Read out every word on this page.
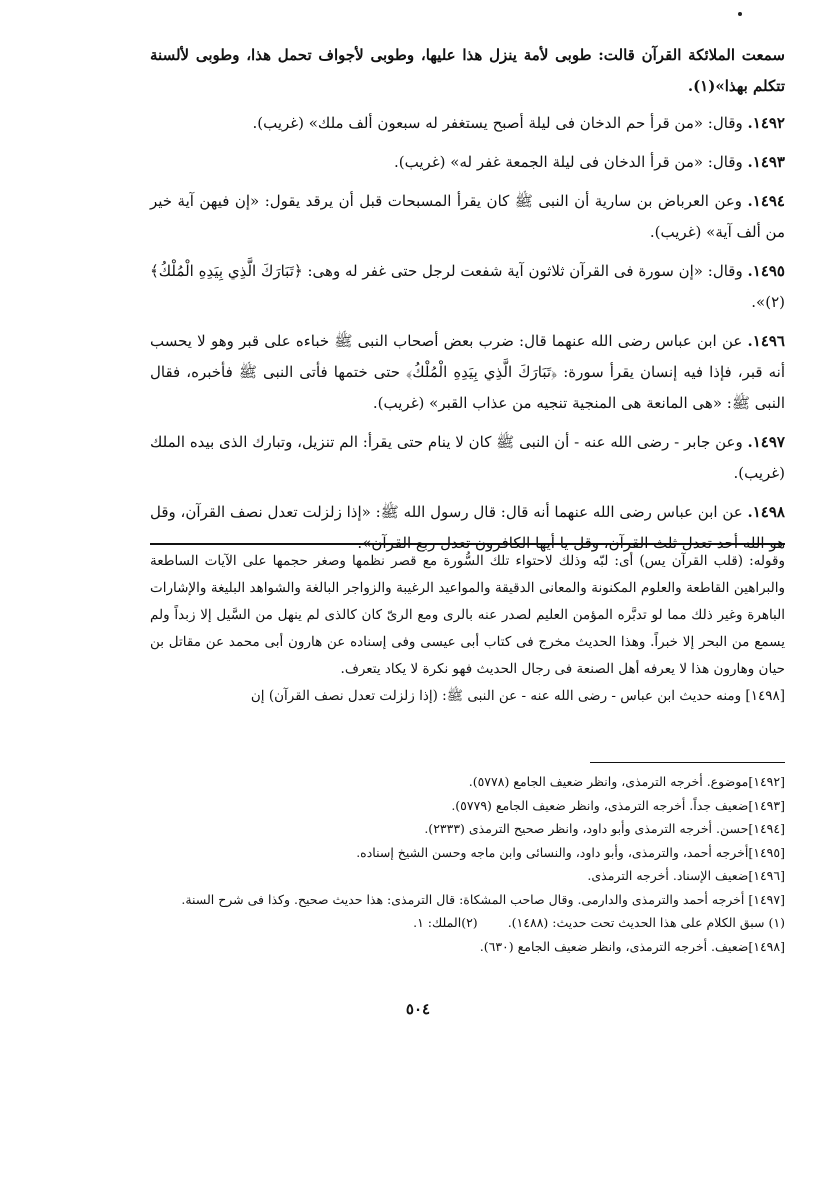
سمعت الملائكة القرآن قالت: طوبى لأمة ينزل هذا عليها، وطوبى لأجواف تحمل هذا، وطوبى لألسنة تتكلم بهذا»(١).

١٤٩٢. وقال: «من قرأ حم الدخان فى ليلة أصبح يستغفر له سبعون ألف ملك» (غريب).

١٤٩٣. وقال: «من قرأ الدخان فى ليلة الجمعة غفر له» (غريب).

١٤٩٤. وعن العرباض بن سارية أن النبى ﷺ كان يقرأ المسبحات قبل أن يرقد يقول: «إن فيهن آية خير من ألف آية» (غريب).

١٤٩٥. وقال: «إن سورة فى القرآن ثلاثون آية شفعت لرجل حتى غفر له وهى: ﴿تَبَارَكَ الَّذِي بِيَدِهِ الْمُلْكُ﴾(٢)».

١٤٩٦. عن ابن عباس رضى الله عنهما قال: ضرب بعض أصحاب النبى ﷺ خباءه على قبر وهو لا يحسب أنه قبر، فإذا فيه إنسان يقرأ سورة: ﴿تَبَارَكَ الَّذِي بِيَدِهِ الْمُلْكُ﴾ حتى ختمها فأتى النبى ﷺ فأخبره، فقال النبى ﷺ: «هى المانعة هى المنجية تنجيه من عذاب القبر» (غريب).

١٤٩٧. وعن جابر - رضى الله عنه - أن النبى ﷺ كان لا ينام حتى يقرأ: الم تنزيل، وتبارك الذى بيده الملك (غريب).

١٤٩٨. عن ابن عباس رضى الله عنهما أنه قال: قال رسول الله ﷺ: «إذا زلزلت تعدل نصف القرآن، وقل هو الله أحد تعدل ثلث القرآن، وقل يا أيها الكافرون تعدل ربع القرآن».

وقوله: (قلب القرآن يس) أى: لبّه وذلك لاحتواء تلك السُّورة مع قصر نظمها وصغر حجمها على الآيات الساطعة والبراهين القاطعة والعلوم المكنونة والمعانى الدقيقة والمواعيد الرغيبة والزواجر البالغة والشواهد البليغة والإشارات الباهرة وغير ذلك مما لو تدبَّره المؤمن العليم لصدر عنه بالرى ومع الرىّ كان كالذى لم ينهل من السَّيل إلا زبداً ولم يسمع من البحر إلا خبراً. وهذا الحديث مخرج فى كتاب أبى عيسى وفى إسناده عن هارون أبى محمد عن مقاتل بن حيان وهارون هذا لا يعرفه أهل الصنعة فى رجال الحديث فهو نكرة لا يكاد يتعرف.

[١٤٩٨] ومنه حديث ابن عباس - رضى الله عنه - عن النبى ﷺ: (إذا زلزلت تعدل نصف القرآن) إن

[١٤٩٢]موضوع. أخرجه الترمذى، وانظر ضعيف الجامع (٥٧٧٨).

[١٤٩٣]ضعيف جداً. أخرجه الترمذى، وانظر ضعيف الجامع (٥٧٧٩).

[١٤٩٤]حسن. أخرجه الترمذى وأبو داود، وانظر صحيح الترمذى (٢٣٣٣).

[١٤٩٥]أخرجه أحمد، والترمذى، وأبو داود، والنسائى وابن ماجه وحسن الشيخ إسناده.

[١٤٩٦]ضعيف الإسناد. أخرجه الترمذى.

[١٤٩٧] أخرجه أحمد والترمذى والدارمى. وقال صاحب المشكاة: قال الترمذى: هذا حديث صحيح. وكذا فى شرح السنة.

(١) سبق الكلام على هذا الحديث تحت حديث: (١٤٨٨).
(٢)الملك: ١.

[١٤٩٨]ضعيف. أخرجه الترمذى، وانظر ضعيف الجامع (٦٣٠).

٥٠٤
